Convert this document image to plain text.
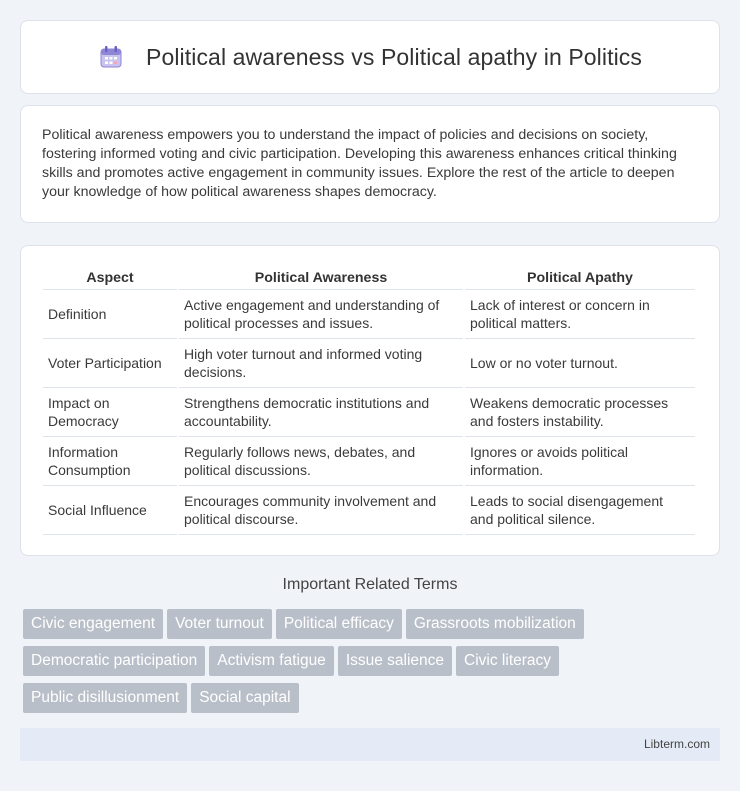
Political awareness vs Political apathy in Politics

Political awareness empowers you to understand the impact of policies and decisions on society, fostering informed voting and civic participation. Developing this awareness enhances critical thinking skills and promotes active engagement in community issues. Explore the rest of the article to deepen your knowledge of how political awareness shapes democracy.

Aspect	Political Awareness	Political Apathy
Definition	Active engagement and understanding of political processes and issues.	Lack of interest or concern in political matters.
Voter Participation	High voter turnout and informed voting decisions.	Low or no voter turnout.
Impact on Democracy	Strengthens democratic institutions and accountability.	Weakens democratic processes and fosters instability.
Information Consumption	Regularly follows news, debates, and political discussions.	Ignores or avoids political information.
Social Influence	Encourages community involvement and political discourse.	Leads to social disengagement and political silence.
Important Related Terms
Civic engagement Voter turnout Political efficacy Grassroots mobilization
Democratic participation Activism fatigue Issue salience Civic literacy
Public disillusionment Social capital
Libterm.com
